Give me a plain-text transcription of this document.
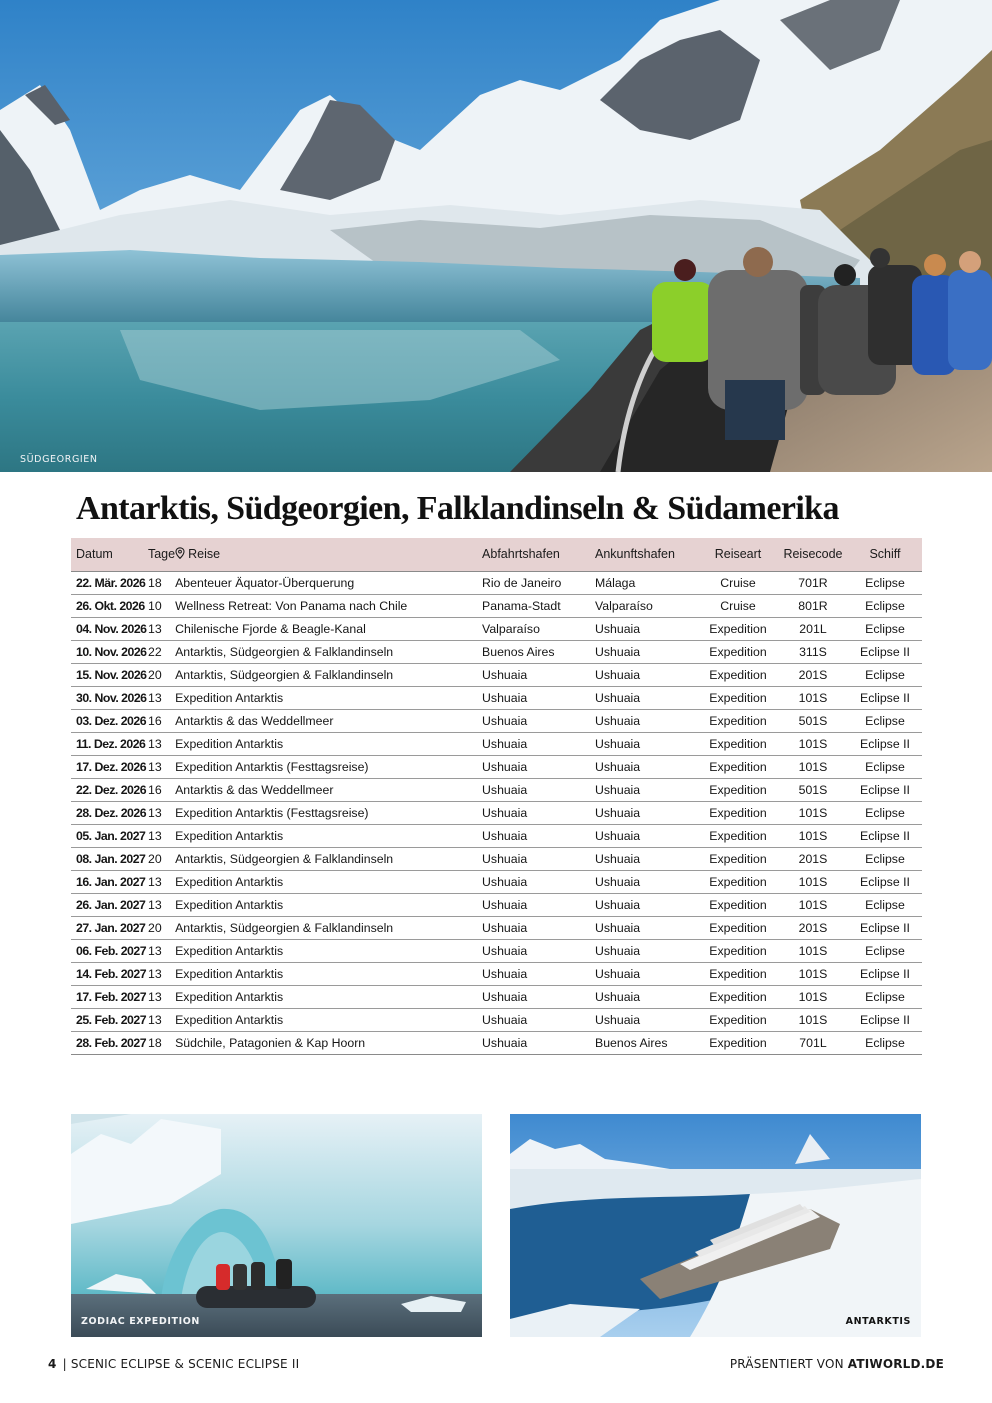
SÜDGEORGIEN
Antarktis, Südgeorgien, Falklandinseln & Südamerika
Datum	Tage	Reise	Abfahrtshafen	Ankunftshafen	Reiseart	Reisecode	Schiff
22. Mär. 2026	18	Abenteuer Äquator-Überquerung	Rio de Janeiro	Málaga	Cruise	701R	Eclipse
26. Okt. 2026	10	Wellness Retreat: Von Panama nach Chile	Panama-Stadt	Valparaíso	Cruise	801R	Eclipse
04. Nov. 2026	13	Chilenische Fjorde & Beagle-Kanal	Valparaíso	Ushuaia	Expedition	201L	Eclipse
10. Nov. 2026	22	Antarktis, Südgeorgien & Falklandinseln	Buenos Aires	Ushuaia	Expedition	311S	Eclipse II
15. Nov. 2026	20	Antarktis, Südgeorgien & Falklandinseln	Ushuaia	Ushuaia	Expedition	201S	Eclipse
30. Nov. 2026	13	Expedition Antarktis	Ushuaia	Ushuaia	Expedition	101S	Eclipse II
03. Dez. 2026	16	Antarktis & das Weddellmeer	Ushuaia	Ushuaia	Expedition	501S	Eclipse
11. Dez. 2026	13	Expedition Antarktis	Ushuaia	Ushuaia	Expedition	101S	Eclipse II
17. Dez. 2026	13	Expedition Antarktis (Festtagsreise)	Ushuaia	Ushuaia	Expedition	101S	Eclipse
22. Dez. 2026	16	Antarktis & das Weddellmeer	Ushuaia	Ushuaia	Expedition	501S	Eclipse II
28. Dez. 2026	13	Expedition Antarktis (Festtagsreise)	Ushuaia	Ushuaia	Expedition	101S	Eclipse
05. Jan. 2027	13	Expedition Antarktis	Ushuaia	Ushuaia	Expedition	101S	Eclipse II
08. Jan. 2027	20	Antarktis, Südgeorgien & Falklandinseln	Ushuaia	Ushuaia	Expedition	201S	Eclipse
16. Jan. 2027	13	Expedition Antarktis	Ushuaia	Ushuaia	Expedition	101S	Eclipse II
26. Jan. 2027	13	Expedition Antarktis	Ushuaia	Ushuaia	Expedition	101S	Eclipse
27. Jan. 2027	20	Antarktis, Südgeorgien & Falklandinseln	Ushuaia	Ushuaia	Expedition	201S	Eclipse II
06. Feb. 2027	13	Expedition Antarktis	Ushuaia	Ushuaia	Expedition	101S	Eclipse
14. Feb. 2027	13	Expedition Antarktis	Ushuaia	Ushuaia	Expedition	101S	Eclipse II
17. Feb. 2027	13	Expedition Antarktis	Ushuaia	Ushuaia	Expedition	101S	Eclipse
25. Feb. 2027	13	Expedition Antarktis	Ushuaia	Ushuaia	Expedition	101S	Eclipse II
28. Feb. 2027	18	Südchile, Patagonien & Kap Hoorn	Ushuaia	Buenos Aires	Expedition	701L	Eclipse
ZODIAC EXPEDITION	ANTARKTIS
4 | SCENIC ECLIPSE & SCENIC ECLIPSE II	PRÄSENTIERT VON ATIWORLD.DE
